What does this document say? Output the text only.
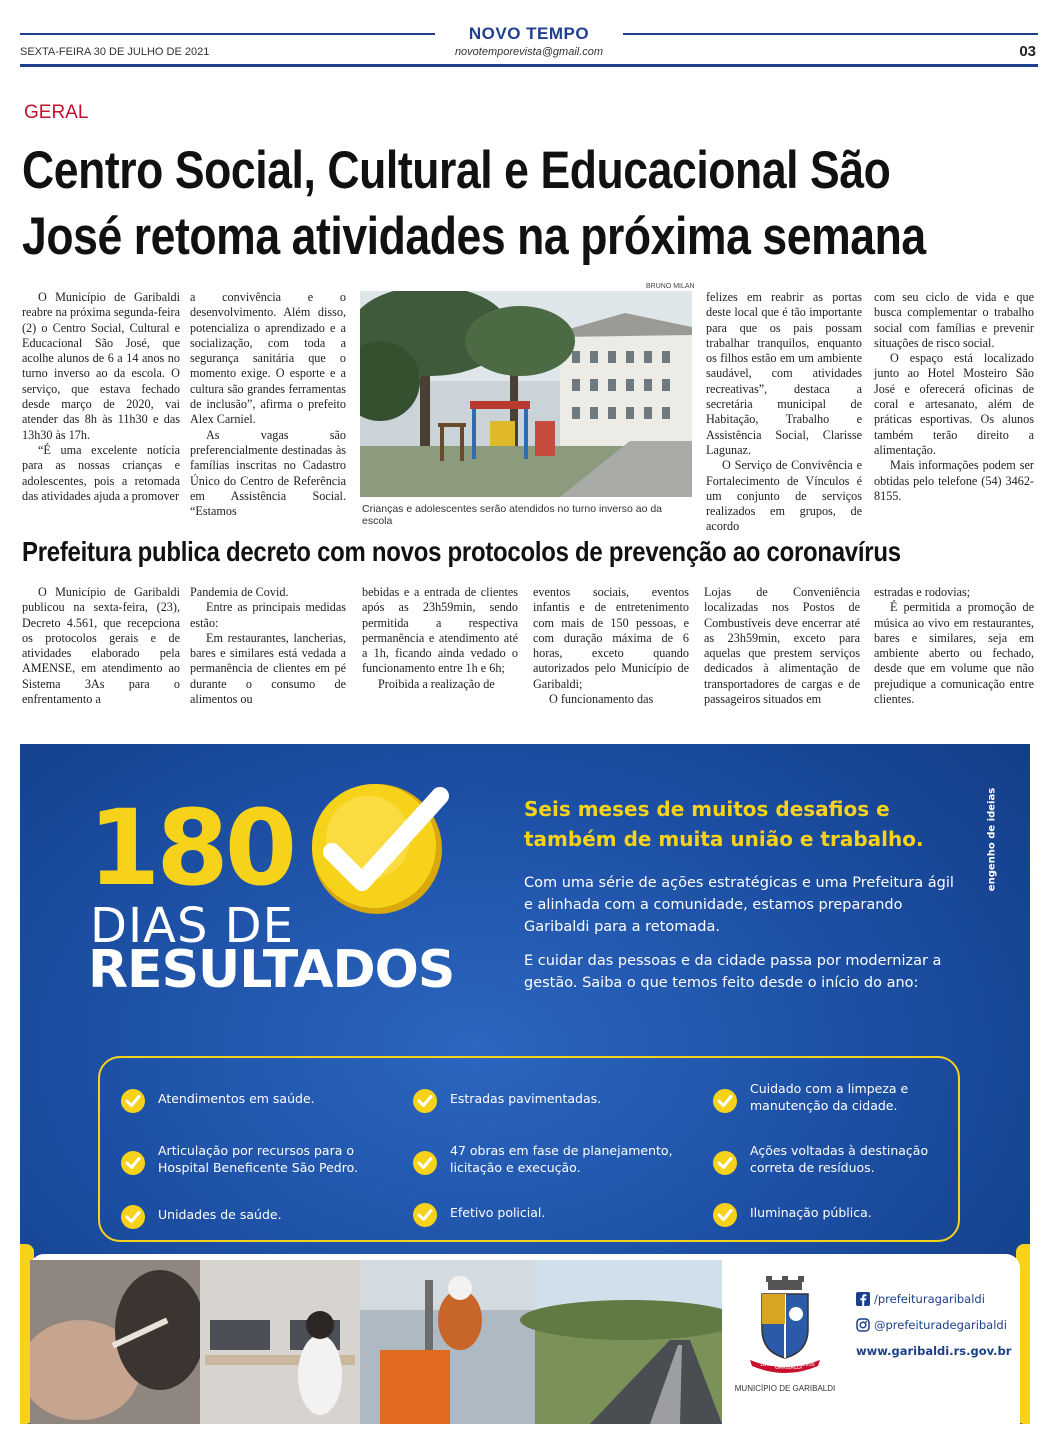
NOVO TEMPO
SEXTA-FEIRA 30 DE JULHO DE 2021	novotemporevista@gmail.com	03
GERAL
Centro Social, Cultural e Educacional São
José retoma atividades na próxima semana

O Município de Garibaldi reabre na próxima segunda-feira (2) o Centro Social, Cultural e Educacional São José, que acolhe alunos de 6 a 14 anos no turno inverso ao da escola. O serviço, que estava fechado desde março de 2020, vai atender das 8h às 11h30 e das 13h30 às 17h.

“É uma excelente notícia para as nossas crianças e adolescentes, pois a retomada das atividades ajuda a promover

a convivência e o desenvolvimento. Além disso, potencializa o aprendizado e a socialização, com toda a segurança sanitária que o momento exige. O esporte e a cultura são grandes ferramentas de inclusão”, afirma o prefeito Alex Carniel.

As vagas são preferencialmente destinadas às famílias inscritas no Cadastro Único do Centro de Referência em Assistência Social. “Estamos

BRUNO MILAN
Crianças e adolescentes serão atendidos no turno inverso ao da escola

felizes em reabrir as portas deste local que é tão importante para que os pais possam trabalhar tranquilos, enquanto os filhos estão em um ambiente saudável, com atividades recreativas”, destaca a secretária municipal de Habitação, Trabalho e Assistência Social, Clarisse Lagunaz.

O Serviço de Convivência e Fortalecimento de Vínculos é um conjunto de serviços realizados em grupos, de acordo

com seu ciclo de vida e que busca complementar o trabalho social com famílias e prevenir situações de risco social.

O espaço está localizado junto ao Hotel Mosteiro São José e oferecerá oficinas de coral e artesanato, além de práticas esportivas. Os alunos também terão direito a alimentação.

Mais informações podem ser obtidas pelo telefone (54) 3462-8155.

Prefeitura publica decreto com novos protocolos de prevenção ao coronavírus

O Município de Garibaldi publicou na sexta-feira, (23), Decreto 4.561, que recepciona os protocolos gerais e de atividades elaborado pela AMENSE, em atendimento ao Sistema 3As para o enfrentamento a

Pandemia de Covid.

Entre as principais medidas estão:

Em restaurantes, lancherias, bares e similares está vedada a permanência de clientes em pé durante o consumo de alimentos ou

bebidas e a entrada de clientes após as 23h59min, sendo permitida a respectiva permanência e atendimento até a 1h, ficando ainda vedado o funcionamento entre 1h e 6h;

Proibida a realização de

eventos sociais, eventos infantis e de entretenimento com mais de 150 pessoas, e com duração máxima de 6 horas, exceto quando autorizados pelo Município de Garibaldi;

O funcionamento das

Lojas de Conveniência localizadas nos Postos de Combustíveis deve encerrar até as 23h59min, exceto para aquelas que prestem serviços dedicados à alimentação de transportadores de cargas e de passageiros situados em

estradas e rodovias;

É permitida a promoção de música ao vivo em restaurantes, bares e similares, seja em ambiente aberto ou fechado, desde que em volume que não prejudique a comunicação entre clientes.

180
DIAS DE
RESULTADOS
Seis meses de muitos desafios e
também de muita união e trabalho.
Com uma série de ações estratégicas e uma Prefeitura ágil e alinhada com a comunidade, estamos preparando Garibaldi para a retomada.
E cuidar das pessoas e da cidade passa por modernizar a gestão. Saiba o que temos feito desde o início do ano:
engenho de ideias
Atendimentos em saúde.	Estradas pavimentadas.
Cuidado com a limpeza e
manutenção da cidade.
Articulação por recursos para o
Hospital Beneficente São Pedro.
47 obras em fase de planejamento,
licitação e execução.
Ações voltadas à destinação
correta de resíduos.
Unidades de saúde.	Efetivo policial.	Iluminação pública.
1870 GARIBALDI 1900
MUNICÍPIO DE GARIBALDI
/prefeituragaribaldi
@prefeituradegaribaldi
www.garibaldi.rs.gov.br
